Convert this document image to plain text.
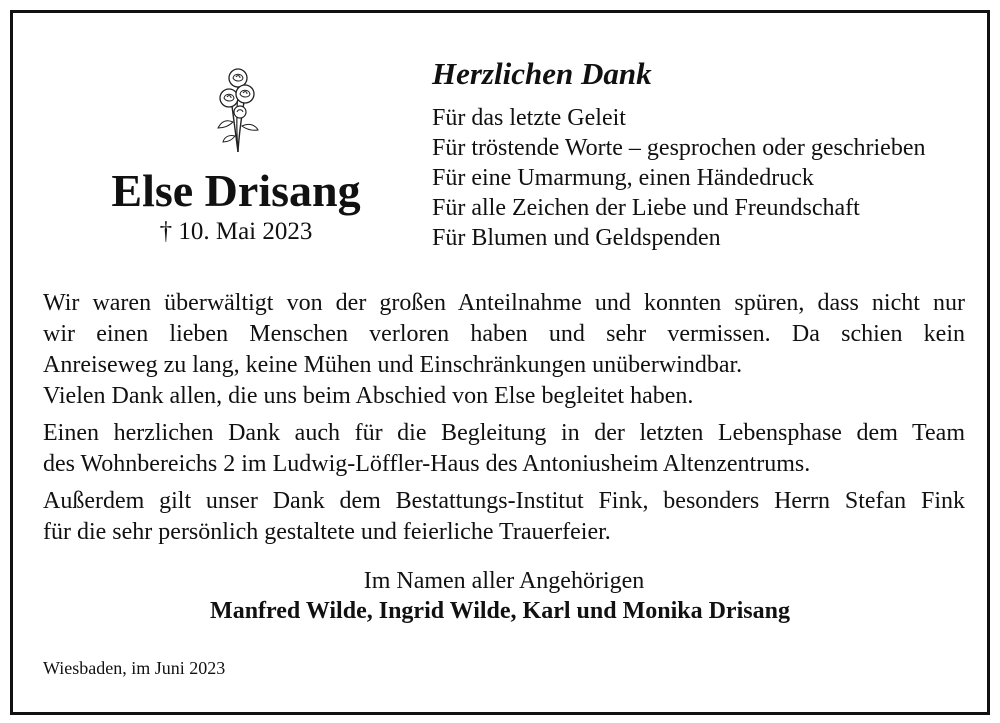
Else Drisang
† 10. Mai 2023
Herzlichen Dank
Für das letzte Geleit
Für tröstende Worte – gesprochen oder geschrieben
Für eine Umarmung, einen Händedruck
Für alle Zeichen der Liebe und Freundschaft
Für Blumen und Geldspenden

Wir waren überwältigt von der großen Anteilnahme und konnten spüren, dass nicht nur
wir einen lieben Menschen verloren haben und sehr vermissen. Da schien kein
Anreiseweg zu lang, keine Mühen und Einschränkungen unüberwindbar.

Vielen Dank allen, die uns beim Abschied von Else begleitet haben.

Einen herzlichen Dank auch für die Begleitung in der letzten Lebensphase dem Team
des Wohnbereichs 2 im Ludwig-Löffler-Haus des Antoniusheim Altenzentrums.

Außerdem gilt unser Dank dem Bestattungs-Institut Fink, besonders Herrn Stefan Fink
für die sehr persönlich gestaltete und feierliche Trauerfeier.

Im Namen aller Angehörigen
Manfred Wilde, Ingrid Wilde, Karl und Monika Drisang
Wiesbaden, im Juni 2023
